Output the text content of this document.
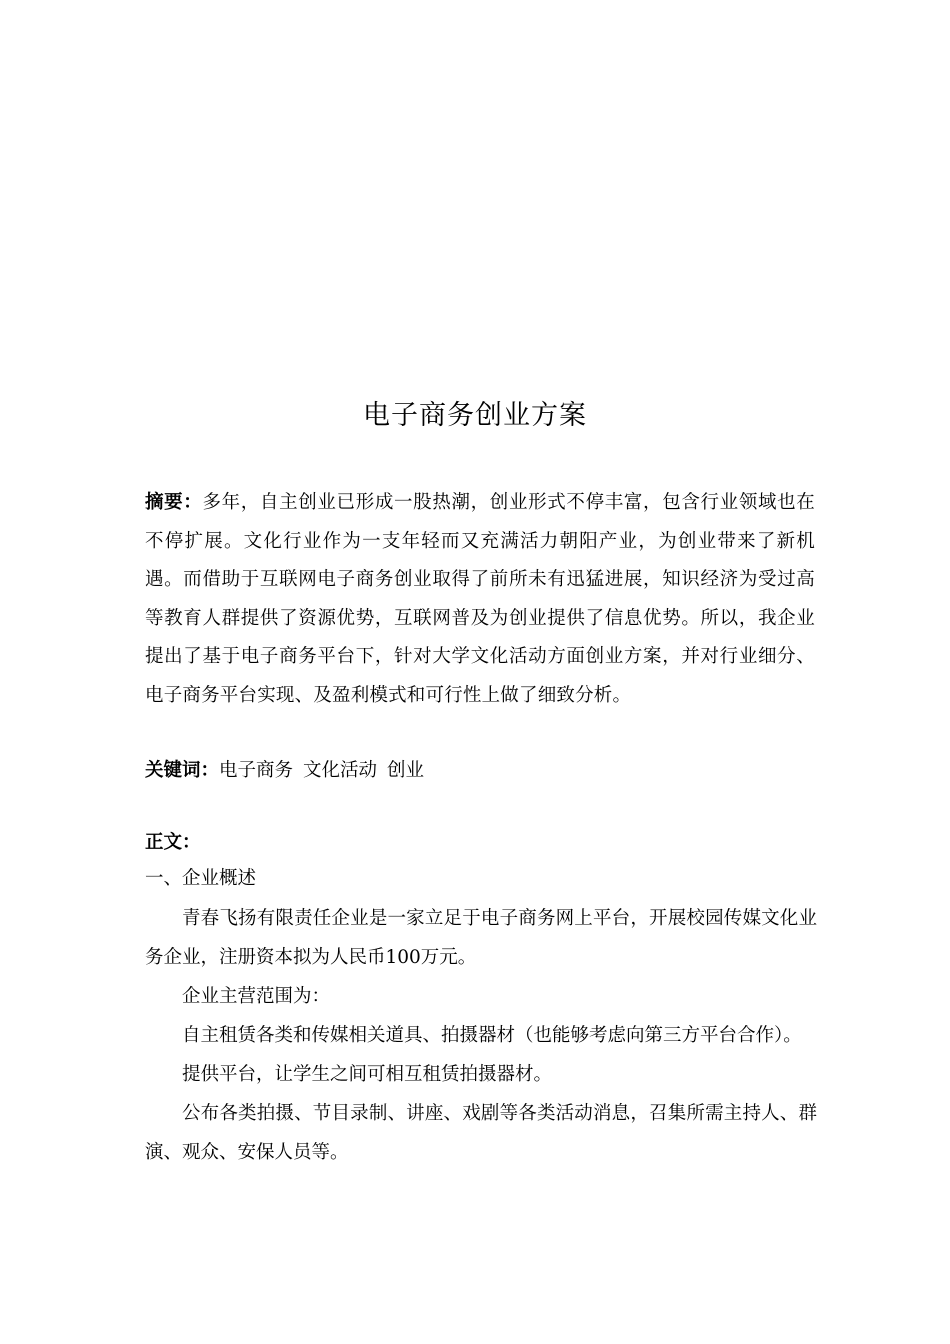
电子商务创业方案
摘要：多年，自主创业已形成一股热潮，创业形式不停丰富，包含行业领域也在不停扩展。文化行业作为一支年轻而又充满活力朝阳产业，为创业带来了新机遇。而借助于互联网电子商务创业取得了前所未有迅猛进展，知识经济为受过高等教育人群提供了资源优势，互联网普及为创业提供了信息优势。所以，我企业提出了基于电子商务平台下，针对大学文化活动方面创业方案，并对行业细分、电子商务平台实现、及盈利模式和可行性上做了细致分析。
关键词：电子商务 文化活动 创业
正文：
一、企业概述

青春飞扬有限责任企业是一家立足于电子商务网上平台，开展校园传媒文化业务企业，注册资本拟为人民币100万元。

企业主营范围为：

自主租赁各类和传媒相关道具、拍摄器材（也能够考虑向第三方平台合作）。

提供平台，让学生之间可相互租赁拍摄器材。

公布各类拍摄、节目录制、讲座、戏剧等各类活动消息，召集所需主持人、群演、观众、安保人员等。
